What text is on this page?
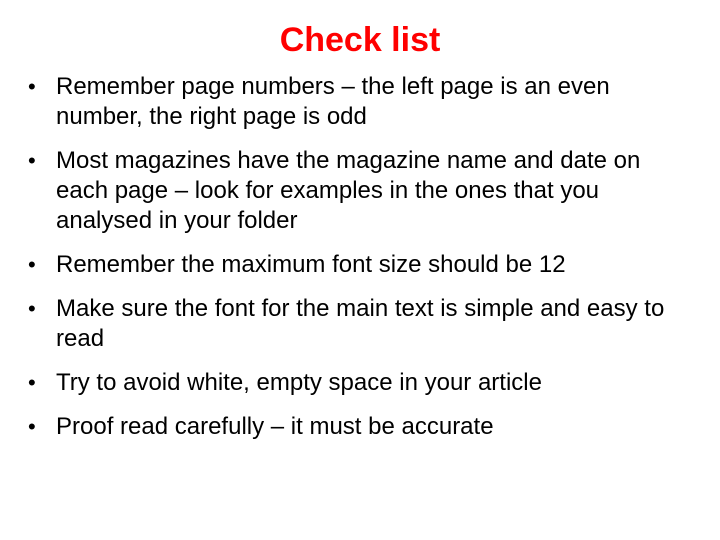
Check list
• Remember page numbers – the left page is an even number, the right page is odd
• Most magazines have the magazine name and date on each page – look for examples in the ones that you analysed in your folder
• Remember the maximum font size should be 12
• Make sure the font for the main text is simple and easy to read
• Try to avoid white, empty space in your article
• Proof read carefully – it must be accurate
